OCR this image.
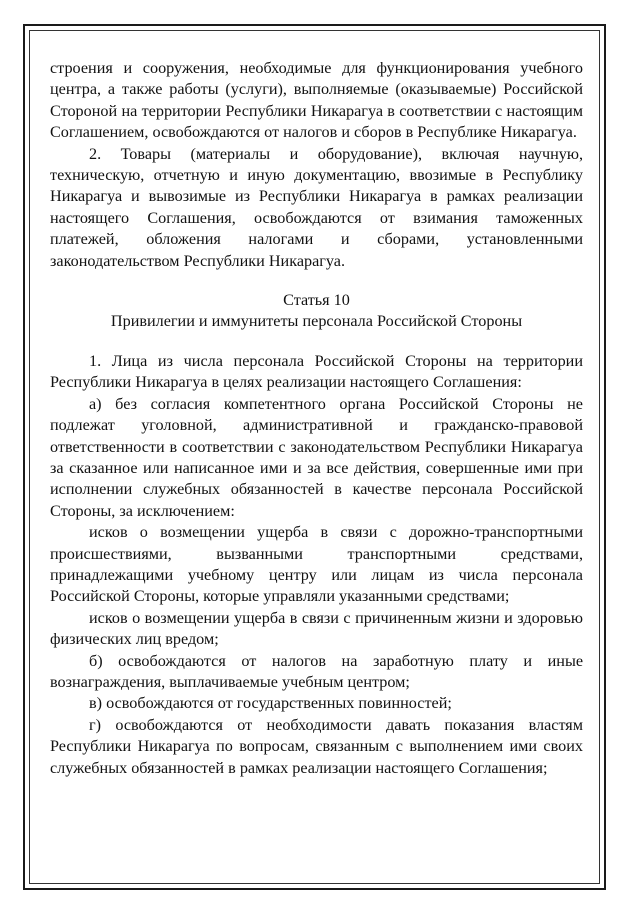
строения и сооружения, необходимые для функционирования учебного центра, а также работы (услуги), выполняемые (оказываемые) Российской Стороной на территории Республики Никарагуа в соответствии с настоящим Соглашением, освобождаются от налогов и сборов в Республике Никарагуа.

2. Товары (материалы и оборудование), включая научную, техническую, отчетную и иную документацию, ввозимые в Республику Никарагуа и вывозимые из Республики Никарагуа в рамках реализации настоящего Соглашения, освобождаются от взимания таможенных платежей, обложения налогами и сборами, установленными законодательством Республики Никарагуа.

Статья 10
Привилегии и иммунитеты персонала Российской Стороны

1. Лица из числа персонала Российской Стороны на территории Республики Никарагуа в целях реализации настоящего Соглашения:

а) без согласия компетентного органа Российской Стороны не подлежат уголовной, административной и гражданско-правовой ответственности в соответствии с законодательством Республики Никарагуа за сказанное или написанное ими и за все действия, совершенные ими при исполнении служебных обязанностей в качестве персонала Российской Стороны, за исключением:

исков о возмещении ущерба в связи с дорожно-транспортными происшествиями, вызванными транспортными средствами, принадлежащими учебному центру или лицам из числа персонала Российской Стороны, которые управляли указанными средствами;

исков о возмещении ущерба в связи с причиненным жизни и здоровью физических лиц вредом;

б) освобождаются от налогов на заработную плату и иные вознаграждения, выплачиваемые учебным центром;

в) освобождаются от государственных повинностей;

г) освобождаются от необходимости давать показания властям Республики Никарагуа по вопросам, связанным с выполнением ими своих служебных обязанностей в рамках реализации настоящего Соглашения;
